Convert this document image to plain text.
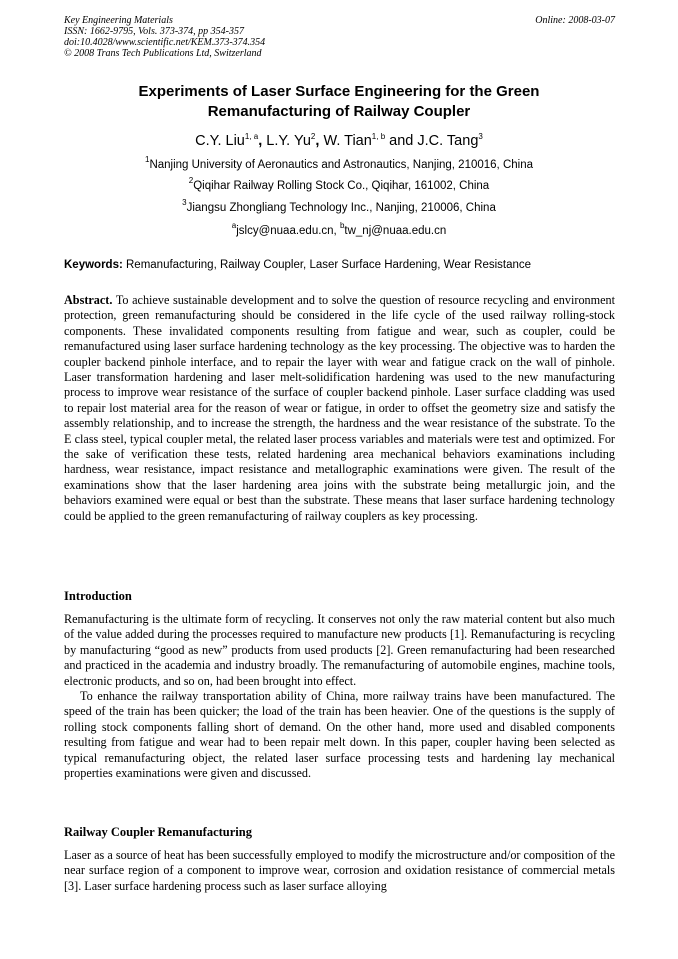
Key Engineering Materials
ISSN: 1662-9795, Vols. 373-374, pp 354-357
doi:10.4028/www.scientific.net/KEM.373-374.354
© 2008 Trans Tech Publications Ltd, Switzerland
Online: 2008-03-07
Experiments of Laser Surface Engineering for the Green
Remanufacturing of Railway Coupler
C.Y. Liu$^{1, a}$, L.Y. Yu$^2$, W. Tian$^{1, b}$ and J.C. Tang$^3$
$^1$Nanjing University of Aeronautics and Astronautics, Nanjing, 210016, China
$^2$Qiqihar Railway Rolling Stock Co., Qiqihar, 161002, China
$^3$Jiangsu Zhongliang Technology Inc., Nanjing, 210006, China
$^a$jslcy@nuaa.edu.cn, $^b$tw_nj@nuaa.edu.cn
Keywords: Remanufacturing, Railway Coupler, Laser Surface Hardening, Wear Resistance

Abstract. To achieve sustainable development and to solve the question of resource recycling and environment protection, green remanufacturing should be considered in the life cycle of the used railway rolling-stock components. These invalidated components resulting from fatigue and wear, such as coupler, could be remanufactured using laser surface hardening technology as the key processing. The objective was to harden the coupler backend pinhole interface, and to repair the layer with wear and fatigue crack on the wall of pinhole. Laser transformation hardening and laser melt-solidification hardening was used to the new manufacturing process to improve wear resistance of the surface of coupler backend pinhole. Laser surface cladding was used to repair lost material area for the reason of wear or fatigue, in order to offset the geometry size and satisfy the assembly relationship, and to increase the strength, the hardness and the wear resistance of the substrate. To the E class steel, typical coupler metal, the related laser process variables and materials were test and optimized. For the sake of verification these tests, related hardening area mechanical behaviors examinations including hardness, wear resistance, impact resistance and metallographic examinations were given. The result of the examinations show that the laser hardening area joins with the substrate being metallurgic join, and the behaviors examined were equal or best than the substrate. These means that laser surface hardening technology could be applied to the green remanufacturing of railway couplers as key processing.

Introduction

Remanufacturing is the ultimate form of recycling. It conserves not only the raw material content but also much of the value added during the processes required to manufacture new products [1]. Remanufacturing is recycling by manufacturing “good as new” products from used products [2]. Green remanufacturing had been researched and practiced in the academia and industry broadly. The remanufacturing of automobile engines, machine tools, electronic products, and so on, had been brought into effect.

To enhance the railway transportation ability of China, more railway trains have been manufactured. The speed of the train has been quicker; the load of the train has been heavier. One of the questions is the supply of rolling stock components falling short of demand. On the other hand, more used and disabled components resulting from fatigue and wear had to been repair melt down. In this paper, coupler having been selected as typical remanufacturing object, the related laser surface processing tests and hardening lay mechanical properties examinations were given and discussed.

Railway Coupler Remanufacturing

Laser as a source of heat has been successfully employed to modify the microstructure and/or composition of the near surface region of a component to improve wear, corrosion and oxidation resistance of commercial metals [3]. Laser surface hardening process such as laser surface alloying
